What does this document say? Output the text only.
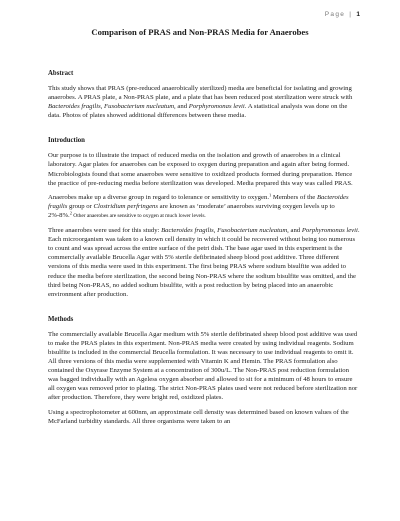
Page | 1
Comparison of PRAS and Non-PRAS Media for Anaerobes
Abstract

This study shows that PRAS (pre-reduced anaerobically sterilized) media are beneficial for isolating and growing anaerobes. A PRAS plate, a Non-PRAS plate, and a plate that has been reduced post sterilization were struck with Bacteroides fragilis, Fusobacterium nucleatum, and Porphyromonas levii. A statistical analysis was done on the data. Photos of plates showed additional differences between these media.

Introduction

Our purpose is to illustrate the impact of reduced media on the isolation and growth of anaerobes in a clinical laboratory. Agar plates for anaerobes can be exposed to oxygen during preparation and again after being formed. Microbiologists found that some anaerobes were sensitive to oxidized products formed during preparation. Hence the practice of pre-reducing media before sterilization was developed. Media prepared this way was called PRAS.

Anaerobes make up a diverse group in regard to tolerance or sensitivity to oxygen.$^1$ Members of the Bacteroides fragilis group or Clostridium perfringens are known as ‘moderate’ anaerobes surviving oxygen levels up to 2%-8%.$^2$ Other anaerobes are sensitive to oxygen at much lower levels.

Three anaerobes were used for this study: Bacteroides fragilis, Fusobacterium nucleatum, and Porphyromonas levii. Each microorganism was taken to a known cell density in which it could be recovered without being too numerous to count and was spread across the entire surface of the petri dish. The base agar used in this experiment is the commercially available Brucella Agar with 5% sterile defibrinated sheep blood post additive. Three different versions of this media were used in this experiment. The first being PRAS where sodium bisulfite was added to reduce the media before sterilization, the second being Non-PRAS where the sodium bisulfite was omitted, and the third being Non-PRAS, no added sodium bisulfite, with a post reduction by being placed into an anaerobic environment after production.

Methods

The commercially available Brucella Agar medium with 5% sterile defibrinated sheep blood post additive was used to make the PRAS plates in this experiment. Non-PRAS media were created by using individual reagents. Sodium bisulfite is included in the commercial Brucella formulation. It was necessary to use individual reagents to omit it. All three versions of this media were supplemented with Vitamin K and Hemin. The PRAS formulation also contained the Oxyrase Enzyme System at a concentration of 300u/L. The Non-PRAS post reduction formulation was bagged individually with an Ageless oxygen absorber and allowed to sit for a minimum of 48 hours to ensure all oxygen was removed prior to plating. The strict Non-PRAS plates used were not reduced before sterilization nor after production. Therefore, they were bright red, oxidized plates.

Using a spectrophotometer at 600nm, an approximate cell density was determined based on known values of the McFarland turbidity standards. All three organisms were taken to an
